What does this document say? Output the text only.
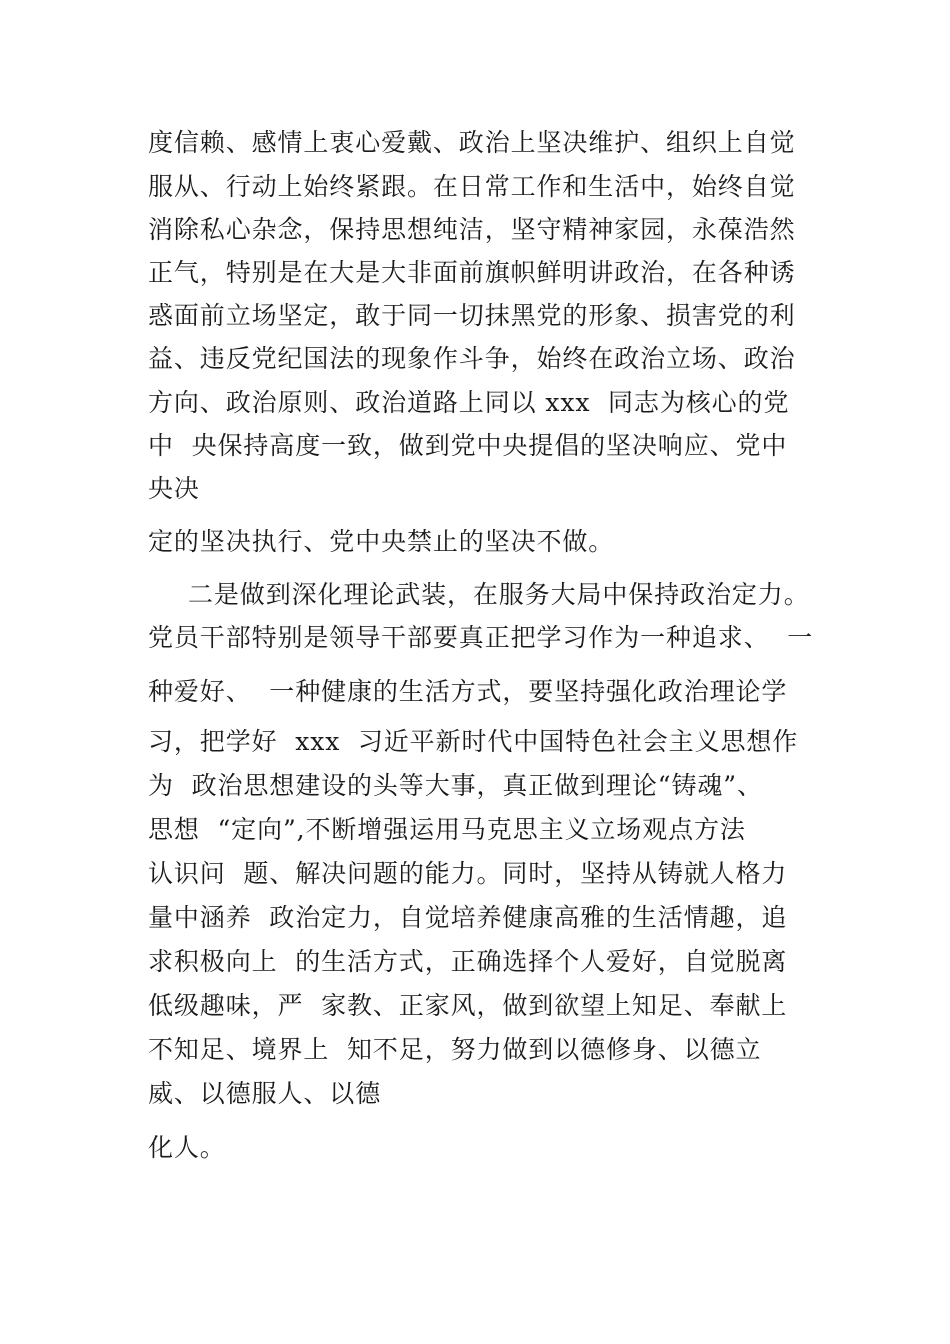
度信赖、感情上衷心爱戴、政治上坚决维护、组织上自觉
服从、行动上始终紧跟。在日常工作和生活中，始终自觉
消除私心杂念，保持思想纯洁，坚守精神家园，永葆浩然
正气，特别是在大是大非面前旗帜鲜明讲政治，在各种诱
惑面前立场坚定，敢于同一切抹黑党的形象、损害党的利
益、违反党纪国法的现象作斗争，始终在政治立场、政治
方向、政治原则、政治道路上同以 xxx  同志为核心的党
中  央保持高度一致，做到党中央提倡的坚决响应、党中
央决
定的坚决执行、党中央禁止的坚决不做。
二是做到深化理论武装，在服务大局中保持政治定力。
党员干部特别是领导干部要真正把学习作为一种追求、  一
种爱好、  一种健康的生活方式，要坚持强化政治理论学
习，把学好  xxx  习近平新时代中国特色社会主义思想作
为  政治思想建设的头等大事，真正做到理论“铸魂”、
思想  “定向”,不断增强运用马克思主义立场观点方法
认识问  题、解决问题的能力。同时，坚持从铸就人格力
量中涵养  政治定力，自觉培养健康高雅的生活情趣，追
求积极向上  的生活方式，正确选择个人爱好，自觉脱离
低级趣味，严  家教、正家风，做到欲望上知足、奉献上
不知足、境界上  知不足，努力做到以德修身、以德立
威、以德服人、以德
化人。
